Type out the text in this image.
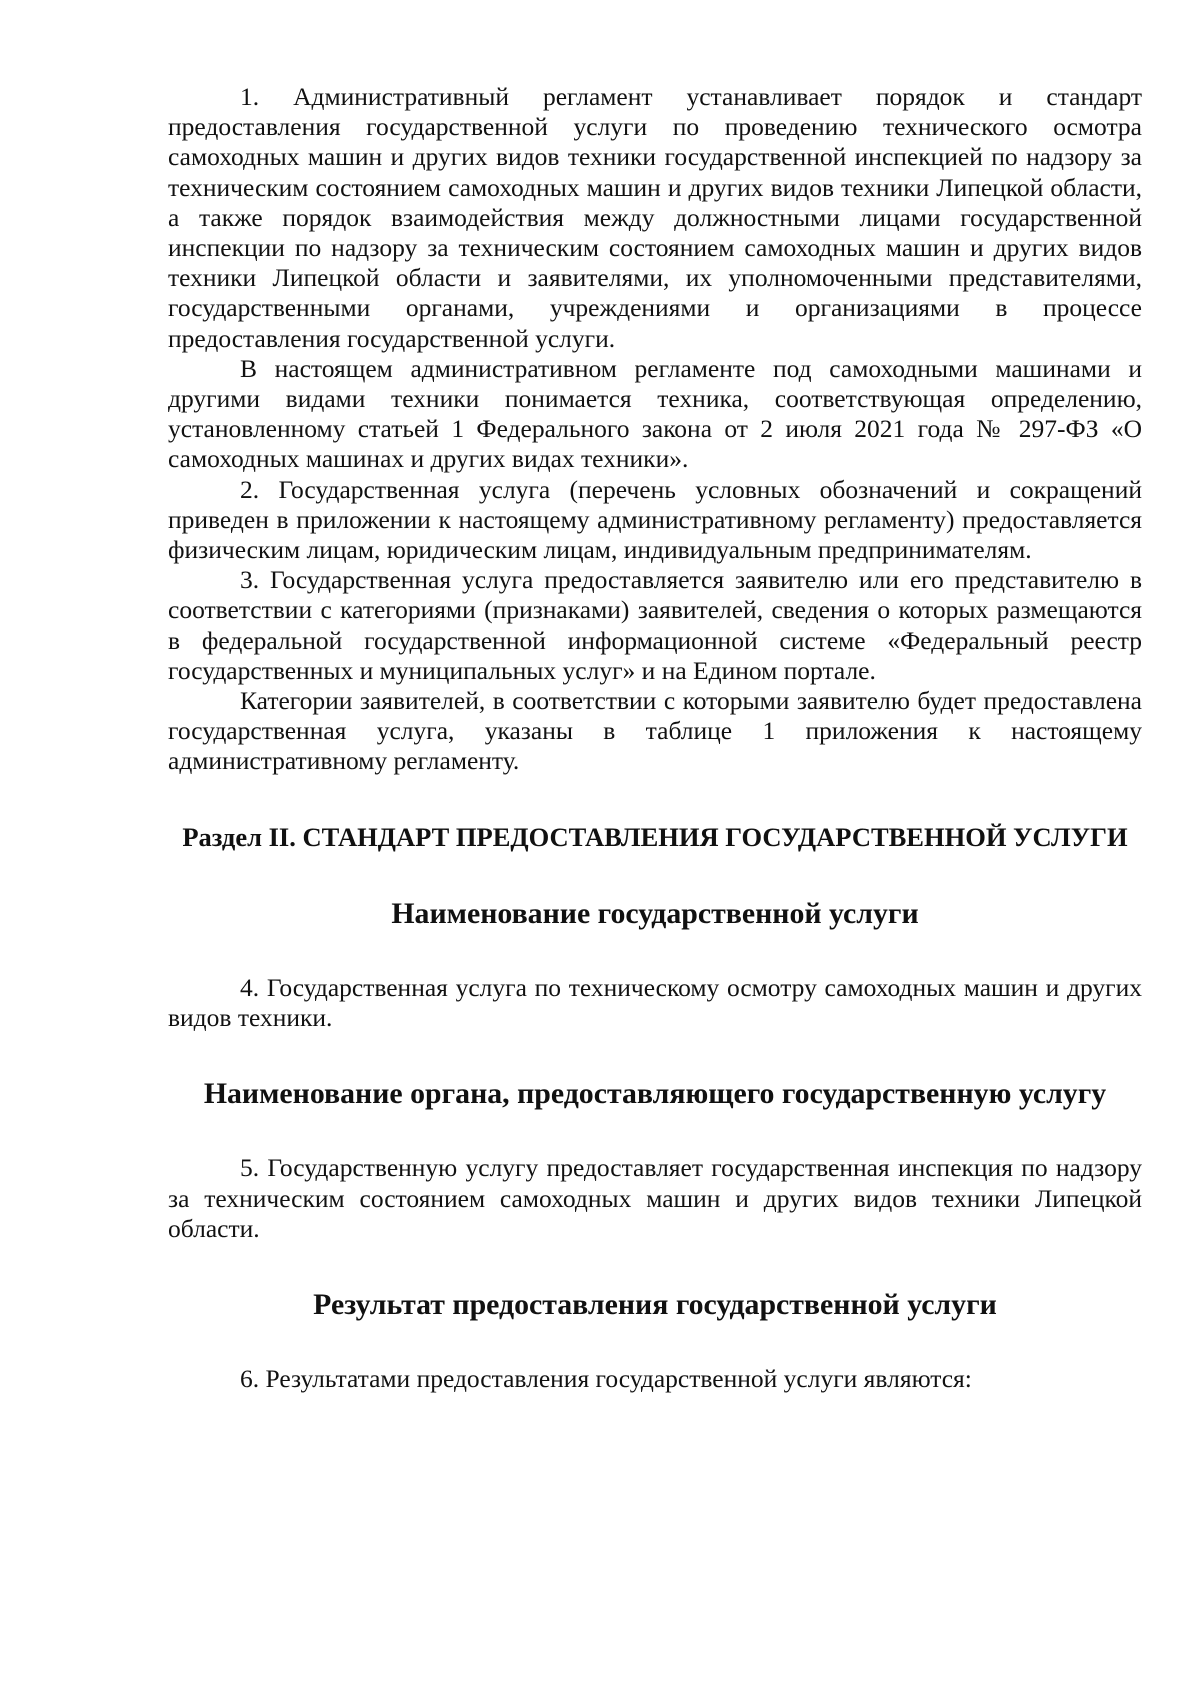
1. Административный регламент устанавливает порядок и стандарт предоставления государственной услуги по проведению технического осмотра самоходных машин и других видов техники государственной инспекцией по надзору за техническим состоянием самоходных машин и других видов техники Липецкой области, а также порядок взаимодействия между должностными лицами государственной инспекции по надзору за техническим состоянием самоходных машин и других видов техники Липецкой области и заявителями, их уполномоченными представителями, государственными органами, учреждениями и организациями в процессе предоставления государственной услуги.

В настоящем административном регламенте под самоходными машинами и другими видами техники понимается техника, соответствующая определению, установленному статьей 1 Федерального закона от 2 июля 2021 года № 297-ФЗ «О самоходных машинах и других видах техники».

2. Государственная услуга (перечень условных обозначений и сокращений приведен в приложении к настоящему административному регламенту) предоставляется физическим лицам, юридическим лицам, индивидуальным предпринимателям.

3. Государственная услуга предоставляется заявителю или его представителю в соответствии с категориями (признаками) заявителей, сведения о которых размещаются в федеральной государственной информационной системе «Федеральный реестр государственных и муниципальных услуг» и на Едином портале.

Категории заявителей, в соответствии с которыми заявителю будет предоставлена государственная услуга, указаны в таблице 1 приложения к настоящему административному регламенту.

Раздел II. СТАНДАРТ ПРЕДОСТАВЛЕНИЯ ГОСУДАРСТВЕННОЙ УСЛУГИ
Наименование государственной услуги

4. Государственная услуга по техническому осмотру самоходных машин и других видов техники.

Наименование органа, предоставляющего государственную услугу

5. Государственную услугу предоставляет государственная инспекция по надзору за техническим состоянием самоходных машин и других видов техники Липецкой области.

Результат предоставления государственной услуги

6. Результатами предоставления государственной услуги являются:
